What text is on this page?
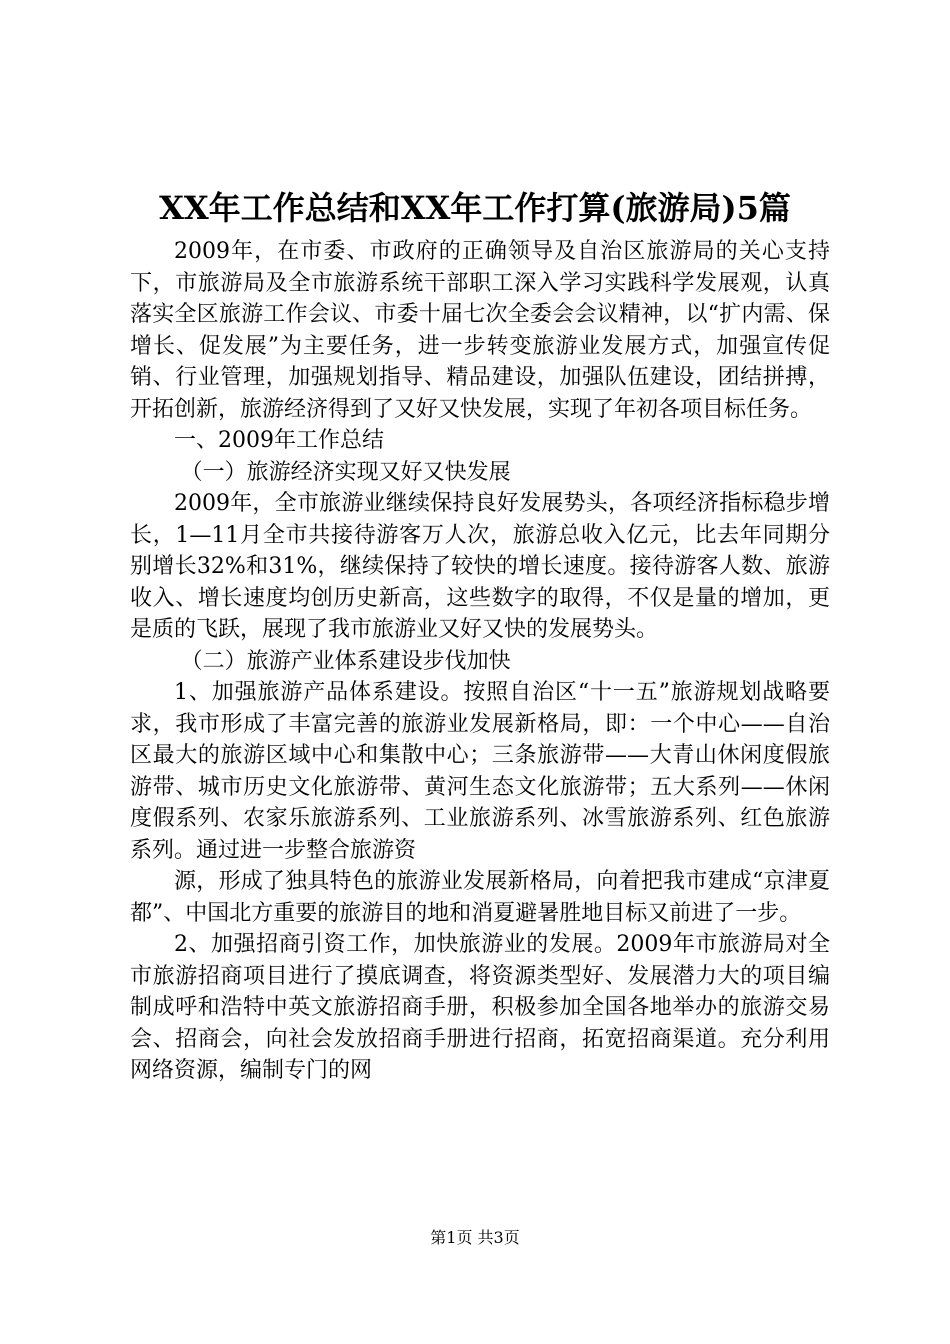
XX年工作总结和XX年工作打算(旅游局)5篇

2009年，在市委、市政府的正确领导及自治区旅游局的关心支持下，市旅游局及全市旅游系统干部职工深入学习实践科学发展观，认真落实全区旅游工作会议、市委十届七次全委会会议精神，以“扩内需、保增长、促发展”为主要任务，进一步转变旅游业发展方式，加强宣传促销、行业管理，加强规划指导、精品建设，加强队伍建设，团结拼搏，开拓创新，旅游经济得到了又好又快发展，实现了年初各项目标任务。

一、2009年工作总结

（一）旅游经济实现又好又快发展

2009年，全市旅游业继续保持良好发展势头，各项经济指标稳步增长，1—11月全市共接待游客万人次，旅游总收入亿元，比去年同期分别增长32%和31%，继续保持了较快的增长速度。接待游客人数、旅游收入、增长速度均创历史新高，这些数字的取得，不仅是量的增加，更是质的飞跃，展现了我市旅游业又好又快的发展势头。

（二）旅游产业体系建设步伐加快

1、加强旅游产品体系建设。按照自治区“十一五”旅游规划战略要求，我市形成了丰富完善的旅游业发展新格局，即：一个中心——自治区最大的旅游区域中心和集散中心；三条旅游带——大青山休闲度假旅游带、城市历史文化旅游带、黄河生态文化旅游带；五大系列——休闲度假系列、农家乐旅游系列、工业旅游系列、冰雪旅游系列、红色旅游系列。通过进一步整合旅游资

源，形成了独具特色的旅游业发展新格局，向着把我市建成“京津夏都”、中国北方重要的旅游目的地和消夏避暑胜地目标又前进了一步。

2、加强招商引资工作，加快旅游业的发展。2009年市旅游局对全市旅游招商项目进行了摸底调查，将资源类型好、发展潜力大的项目编制成呼和浩特中英文旅游招商手册，积极参加全国各地举办的旅游交易会、招商会，向社会发放招商手册进行招商，拓宽招商渠道。充分利用网络资源，编制专门的网

第1页 共3页
